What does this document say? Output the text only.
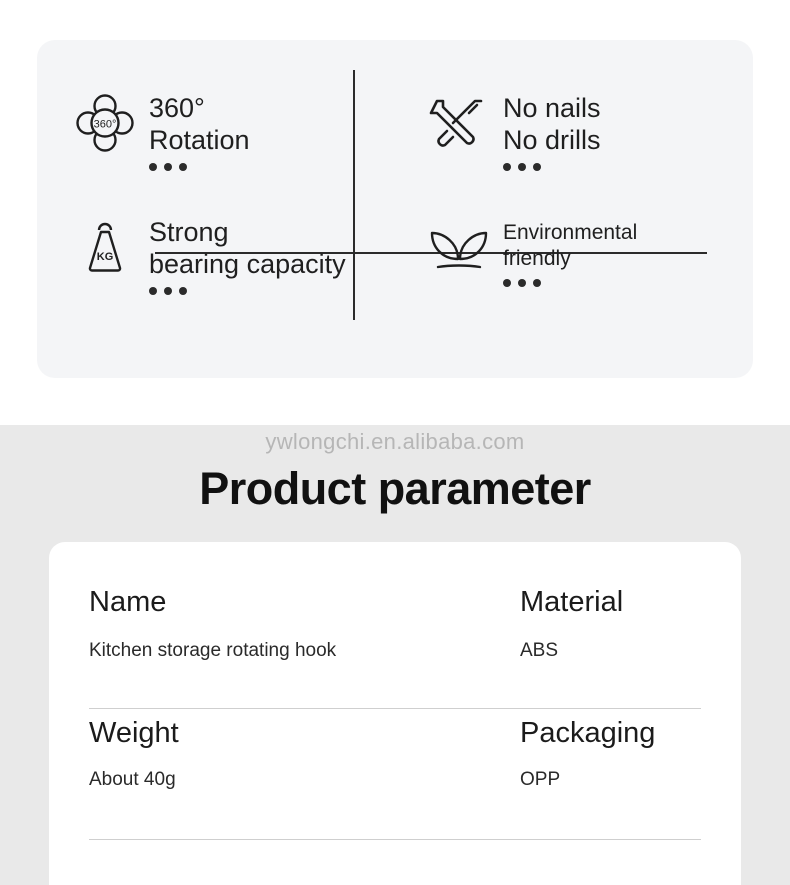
360°
360°
Rotation
No nails
No drills
KG
Strong
bearing capacity
Environmental
friendly
ywlongchi.en.alibaba.com
Product parameter
Name
Kitchen storage rotating hook
Material
ABS
Weight
About 40g
Packaging
OPP
